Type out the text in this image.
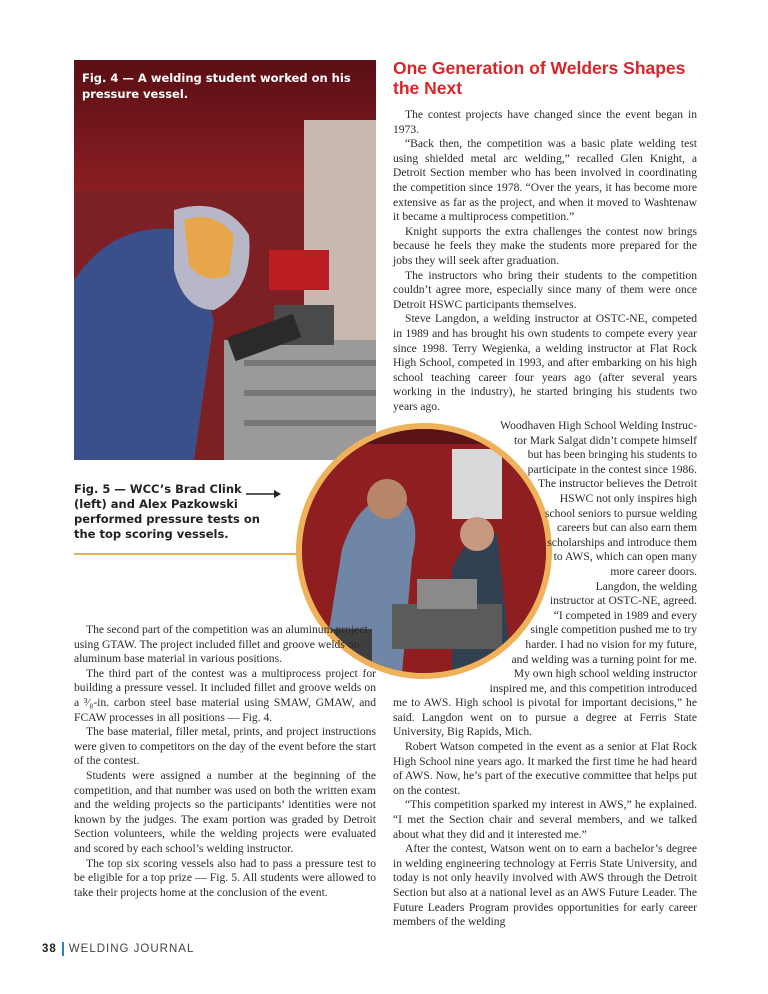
Fig. 4 — A welding student worked on his pressure vessel.
Fig. 5 — WCC’s Brad Clink (left) and Alex Pazkowski performed pressure tests on the top scoring vessels.
One Generation of Welders Shapes the Next

The contest projects have changed since the event began in 1973.

“Back then, the competition was a basic plate welding test using shielded metal arc welding,” recalled Glen Knight, a Detroit Section member who has been involved in coordinating the competition since 1978. “Over the years, it has become more extensive as far as the project, and when it moved to Washtenaw it became a multiprocess competition.”

Knight supports the extra challenges the contest now brings because he feels they make the students more prepared for the jobs they will seek after graduation.

The instructors who bring their students to the competition couldn’t agree more, especially since many of them were once Detroit HSWC participants themselves.

Steve Langdon, a welding instructor at OSTC-NE, competed in 1989 and has brought his own students to compete every year since 1998. Terry Wegienka, a welding instructor at Flat Rock High School, competed in 1993, and after embarking on his high school teaching career four years ago (after several years working in the industry), he started bringing his students two years ago.

Woodhaven High School Welding Instruc-

tor Mark Salgat didn’t compete himself

but has been bringing his students to

participate in the contest since 1986.

The instructor believes the Detroit

HSWC not only inspires high

school seniors to pursue welding

careers but can also earn them

scholarships and introduce them

to AWS, which can open many

more career doors.

Langdon, the welding

instructor at OSTC-NE, agreed.

“I competed in 1989 and every

single competition pushed me to try

harder. I had no vision for my future,

and welding was a turning point for me.

My own high school welding instructor

inspired me, and this competition introduced

me to AWS. High school is pivotal for important decisions,” he said. Langdon went on to pursue a degree at Ferris State University, Big Rapids, Mich.

Robert Watson competed in the event as a senior at Flat Rock High School nine years ago. It marked the first time he had heard of AWS. Now, he’s part of the executive committee that helps put on the contest.

“This competition sparked my interest in AWS,” he explained. “I met the Section chair and several members, and we talked about what they did and it interested me.”

After the contest, Watson went on to earn a bachelor’s degree in welding engineering technology at Ferris State University, and today is not only heavily involved with AWS through the Detroit Section but also at a national level as an AWS Future Leader. The Future Leaders Program provides opportunities for early career members of the welding

The second part of the competition was an aluminum project using GTAW. The project included fillet and groove welds on aluminum base material in various positions.

The third part of the contest was a multiprocess project for building a pressure vessel. It included fillet and groove welds on a ³⁄₈-in. carbon steel base material using SMAW, GMAW, and FCAW processes in all positions — Fig. 4.

The base material, filler metal, prints, and project instructions were given to competitors on the day of the event before the start of the contest.

Students were assigned a number at the beginning of the competition, and that number was used on both the written exam and the welding projects so the participants’ identities were not known by the judges. The exam portion was graded by Detroit Section volunteers, while the welding projects were evaluated and scored by each school’s welding instructor.

The top six scoring vessels also had to pass a pressure test to be eligible for a top prize — Fig. 5. All students were allowed to take their projects home at the conclusion of the event.

38 WELDING JOURNAL
